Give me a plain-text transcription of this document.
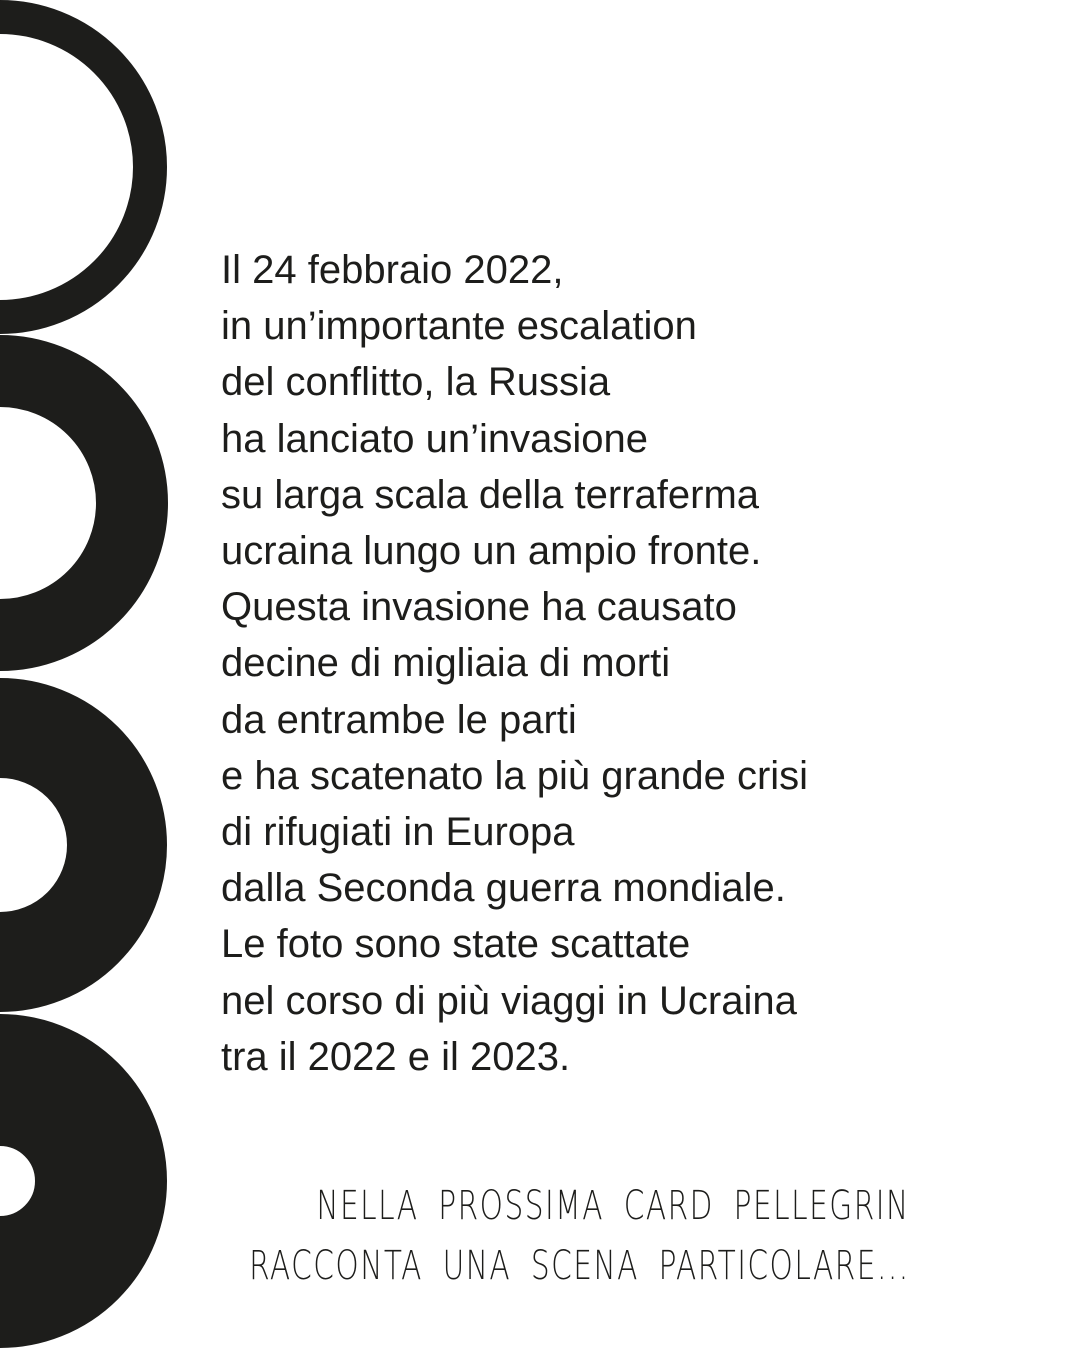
Il 24 febbraio 2022,
in un’importante escalation
del conflitto, la Russia
ha lanciato un’invasione
su larga scala della terraferma
ucraina lungo un ampio fronte.
Questa invasione ha causato
decine di migliaia di morti
da entrambe le parti
e ha scatenato la più grande crisi
di rifugiati in Europa
dalla Seconda guerra mondiale.
Le foto sono state scattate
nel corso di più viaggi in Ucraina
tra il 2022 e il 2023.
NELLA PROSSIMA CARD PELLEGRIN
RACCONTA UNA SCENA PARTICOLARE...
